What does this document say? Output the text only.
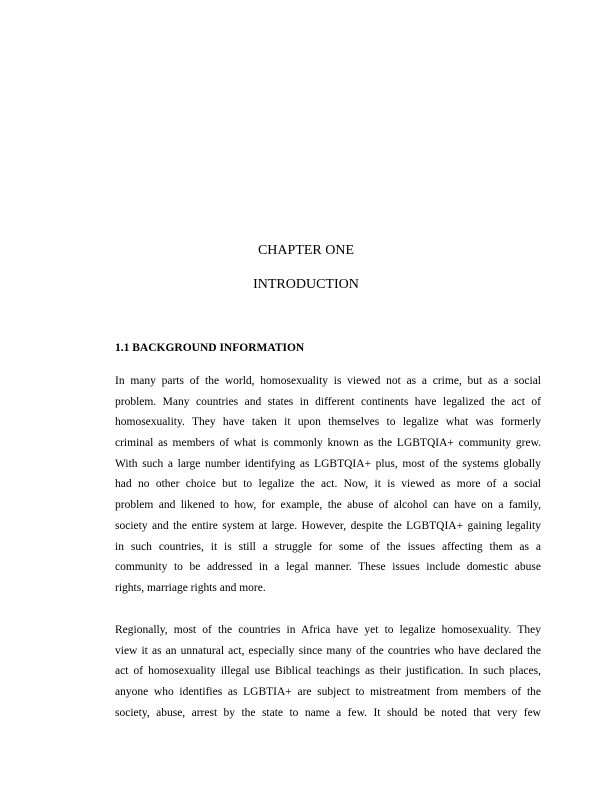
CHAPTER ONE
INTRODUCTION
1.1 BACKGROUND INFORMATION
In many parts of the world, homosexuality is viewed not as a crime, but as a social
problem. Many countries and states in different continents have legalized the act of
homosexuality. They have taken it upon themselves to legalize what was formerly
criminal as members of what is commonly known as the LGBTQIA+ community grew.
With such a large number identifying as LGBTQIA+ plus, most of the systems globally
had no other choice but to legalize the act. Now, it is viewed as more of a social
problem and likened to how, for example, the abuse of alcohol can have on a family,
society and the entire system at large. However, despite the LGBTQIA+ gaining legality
in such countries, it is still a struggle for some of the issues affecting them as a
community to be addressed in a legal manner. These issues include domestic abuse
rights, marriage rights and more.
Regionally, most of the countries in Africa have yet to legalize homosexuality. They
view it as an unnatural act, especially since many of the countries who have declared the
act of homosexuality illegal use Biblical teachings as their justification. In such places,
anyone who identifies as LGBTIA+ are subject to mistreatment from members of the
society, abuse, arrest by the state to name a few. It should be noted that very few
